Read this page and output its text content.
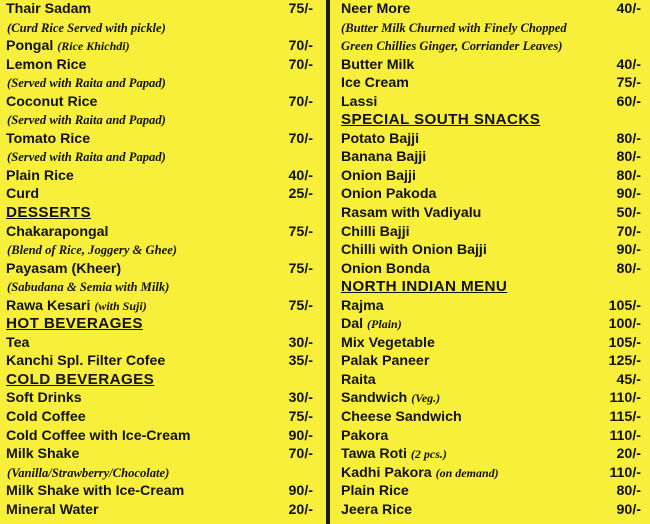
Thair Sadam	75/-
(Curd Rice Served with pickle)
Pongal (Rice Khichdi)	70/-
Lemon Rice	70/-
(Served with Raita and Papad)
Coconut Rice	70/-
(Served with Raita and Papad)
Tomato Rice	70/-
(Served with Raita and Papad)
Plain Rice	40/-
Curd	25/-
DESSERTS
Chakarapongal	75/-
(Blend of Rice, Joggery & Ghee)
Payasam (Kheer)	75/-
(Sabudana & Semia with Milk)
Rawa Kesari (with Suji)	75/-
HOT BEVERAGES
Tea	30/-
Kanchi Spl. Filter Cofee	35/-
COLD BEVERAGES
Soft Drinks	30/-
Cold Coffee	75/-
Cold Coffee with Ice-Cream	90/-
Milk Shake	70/-
(Vanilla/Strawberry/Chocolate)
Milk Shake with Ice-Cream	90/-
Mineral Water	20/-
Neer More	40/-
(Butter Milk Churned with Finely Chopped
Green Chillies Ginger, Corriander Leaves)
Butter Milk	40/-
Ice Cream	75/-
Lassi	60/-
SPECIAL SOUTH SNACKS
Potato Bajji	80/-
Banana Bajji	80/-
Onion Bajji	80/-
Onion Pakoda	90/-
Rasam with Vadiyalu	50/-
Chilli Bajji	70/-
Chilli with Onion Bajji	90/-
Onion Bonda	80/-
NORTH INDIAN MENU
Rajma	105/-
Dal (Plain)	100/-
Mix Vegetable	105/-
Palak Paneer	125/-
Raita	45/-
Sandwich (Veg.)	110/-
Cheese Sandwich	115/-
Pakora	110/-
Tawa Roti (2 pcs.)	20/-
Kadhi Pakora (on demand)	110/-
Plain Rice	80/-
Jeera Rice	90/-
